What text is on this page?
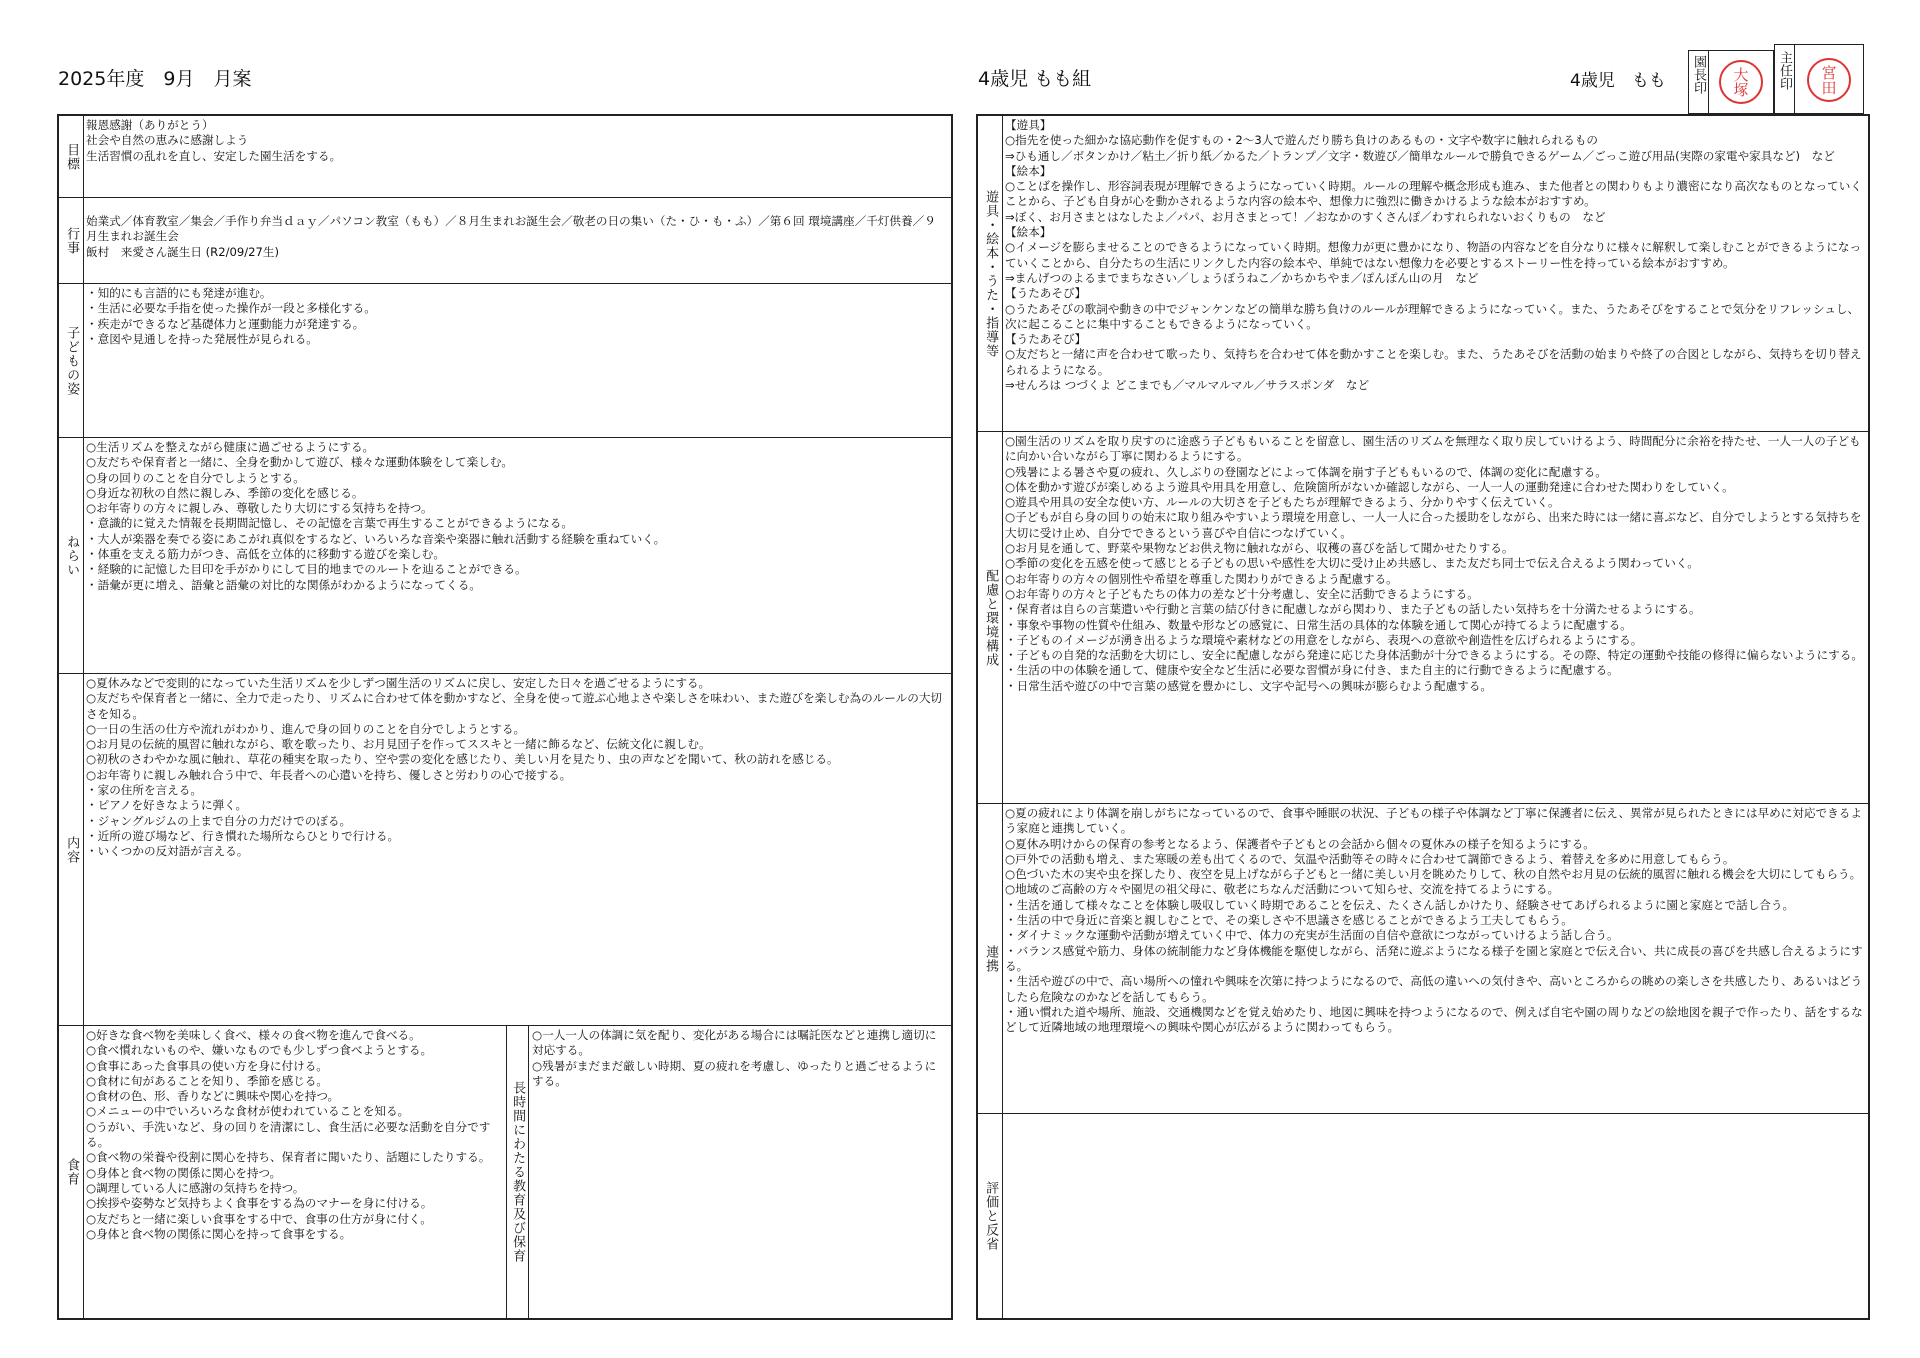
2025年度　9月　月案	4歳児 もも組	4歳児　もも 園長印	大塚	主任印	宮田
目標
報恩感謝（ありがとう）
社会や自然の恵みに感謝しよう
生活習慣の乱れを直し、安定した園生活をする。
行事
始業式／体育教室／集会／手作り弁当ｄａｙ／パソコン教室（もも）／８月生まれお誕生会／敬老の日の集い（た・ひ・も・ふ）／第６回 環境講座／千灯供養／９月生まれお誕生会
飯村　来愛さん誕生日 (R2/09/27生)
子どもの姿
・知的にも言語的にも発達が進む。
・生活に必要な手指を使った操作が一段と多様化する。
・疾走ができるなど基礎体力と運動能力が発達する。
・意図や見通しを持った発展性が見られる。
ねらい
○生活リズムを整えながら健康に過ごせるようにする。
○友だちや保育者と一緒に、全身を動かして遊び、様々な運動体験をして楽しむ。
○身の回りのことを自分でしようとする。
○身近な初秋の自然に親しみ、季節の変化を感じる。
○お年寄りの方々に親しみ、尊敬したり大切にする気持ちを持つ。
・意識的に覚えた情報を長期間記憶し、その記憶を言葉で再生することができるようになる。
・大人が楽器を奏でる姿にあこがれ真似をするなど、いろいろな音楽や楽器に触れ活動する経験を重ねていく。
・体重を支える筋力がつき、高低を立体的に移動する遊びを楽しむ。
・経験的に記憶した目印を手がかりにして目的地までのルートを辿ることができる。
・語彙が更に増え、語彙と語彙の対比的な関係がわかるようになってくる。
内容
○夏休みなどで変則的になっていた生活リズムを少しずつ園生活のリズムに戻し、安定した日々を過ごせるようにする。
○友だちや保育者と一緒に、全力で走ったり、リズムに合わせて体を動かすなど、全身を使って遊ぶ心地よさや楽しさを味わい、また遊びを楽しむ為のルールの大切さを知る。
○一日の生活の仕方や流れがわかり、進んで身の回りのことを自分でしようとする。
○お月見の伝統的風習に触れながら、歌を歌ったり、お月見団子を作ってススキと一緒に飾るなど、伝統文化に親しむ。
○初秋のさわやかな風に触れ、草花の種実を取ったり、空や雲の変化を感じたり、美しい月を見たり、虫の声などを聞いて、秋の訪れを感じる。
○お年寄りに親しみ触れ合う中で、年長者への心遣いを持ち、優しさと労わりの心で接する。
・家の住所を言える。
・ピアノを好きなように弾く。
・ジャングルジムの上まで自分の力だけでのぼる。
・近所の遊び場など、行き慣れた場所ならひとりで行ける。
・いくつかの反対語が言える。
食育
○好きな食べ物を美味しく食べ、様々の食べ物を進んで食べる。
○食べ慣れないものや、嫌いなものでも少しずつ食べようとする。
○食事にあった食事具の使い方を身に付ける。
○食材に旬があることを知り、季節を感じる。
○食材の色、形、香りなどに興味や関心を持つ。
○メニューの中でいろいろな食材が使われていることを知る。
○うがい、手洗いなど、身の回りを清潔にし、食生活に必要な活動を自分でする。
○食べ物の栄養や役割に関心を持ち、保育者に聞いたり、話題にしたりする。
○身体と食べ物の関係に関心を持つ。
○調理している人に感謝の気持ちを持つ。
○挨拶や姿勢など気持ちよく食事をする為のマナーを身に付ける。
○友だちと一緒に楽しい食事をする中で、食事の仕方が身に付く。
○身体と食べ物の関係に関心を持って食事をする。	長時間にわたる教育及び保育
○一人一人の体調に気を配り、変化がある場合には嘱託医などと連携し適切に対応する。
○残暑がまだまだ厳しい時期、夏の疲れを考慮し、ゆったりと過ごせるようにする。
遊具・絵本・うた・指導等
【遊具】
○指先を使った細かな協応動作を促すもの・2～3人で遊んだり勝ち負けのあるもの・文字や数字に触れられるもの
⇒ひも通し／ボタンかけ／粘土／折り紙／かるた／トランプ／文字・数遊び／簡単なルールで勝負できるゲーム／ごっこ遊び用品(実際の家電や家具など)　など
【絵本】
○ことばを操作し、形容詞表現が理解できるようになっていく時期。ルールの理解や概念形成も進み、また他者との関わりもより濃密になり高次なものとなっていくことから、子ども自身が心を動かされるような内容の絵本や、想像力に強烈に働きかけるような絵本がおすすめ。
⇒ぼく、お月さまとはなしたよ／パパ、お月さまとって！／おなかのすくさんぽ／わすれられないおくりもの　など
【絵本】
○イメージを膨らませることのできるようになっていく時期。想像力が更に豊かになり、物語の内容などを自分なりに様々に解釈して楽しむことができるようになっていくことから、自分たちの生活にリンクした内容の絵本や、単純ではない想像力を必要とするストーリー性を持っている絵本がおすすめ。
⇒まんげつのよるまでまちなさい／しょうぼうねこ／かちかちやま／ぽんぽん山の月　など
【うたあそび】
○うたあそびの歌詞や動きの中でジャンケンなどの簡単な勝ち負けのルールが理解できるようになっていく。また、うたあそびをすることで気分をリフレッシュし、次に起こることに集中することもできるようになっていく。
【うたあそび】
○友だちと一緒に声を合わせて歌ったり、気持ちを合わせて体を動かすことを楽しむ。また、うたあそびを活動の始まりや終了の合図としながら、気持ちを切り替えられるようになる。
⇒せんろは つづくよ どこまでも／マルマルマル／サラスポンダ　など
配慮と環境構成
○園生活のリズムを取り戻すのに途惑う子どももいることを留意し、園生活のリズムを無理なく取り戻していけるよう、時間配分に余裕を持たせ、一人一人の子どもに向かい合いながら丁寧に関わるようにする。
○残暑による暑さや夏の疲れ、久しぶりの登園などによって体調を崩す子どももいるので、体調の変化に配慮する。
○体を動かす遊びが楽しめるよう遊具や用具を用意し、危険箇所がないか確認しながら、一人一人の運動発達に合わせた関わりをしていく。
○遊具や用具の安全な使い方、ルールの大切さを子どもたちが理解できるよう、分かりやすく伝えていく。
○子どもが自ら身の回りの始末に取り組みやすいよう環境を用意し、一人一人に合った援助をしながら、出来た時には一緒に喜ぶなど、自分でしようとする気持ちを大切に受け止め、自分でできるという喜びや自信につなげていく。
○お月見を通して、野菜や果物などお供え物に触れながら、収穫の喜びを話して聞かせたりする。
○季節の変化を五感を使って感じとる子どもの思いや感性を大切に受け止め共感し、また友だち同士で伝え合えるよう関わっていく。
○お年寄りの方々の個別性や希望を尊重した関わりができるよう配慮する。
○お年寄りの方々と子どもたちの体力の差など十分考慮し、安全に活動できるようにする。
・保育者は自らの言葉遣いや行動と言葉の結び付きに配慮しながら関わり、また子どもの話したい気持ちを十分満たせるようにする。
・事象や事物の性質や仕組み、数量や形などの感覚に、日常生活の具体的な体験を通して関心が持てるように配慮する。
・子どものイメージが湧き出るような環境や素材などの用意をしながら、表現への意欲や創造性を広げられるようにする。
・子どもの自発的な活動を大切にし、安全に配慮しながら発達に応じた身体活動が十分できるようにする。その際、特定の運動や技能の修得に偏らないようにする。
・生活の中の体験を通して、健康や安全など生活に必要な習慣が身に付き、また自主的に行動できるように配慮する。
・日常生活や遊びの中で言葉の感覚を豊かにし、文字や記号への興味が膨らむよう配慮する。
連携
○夏の疲れにより体調を崩しがちになっているので、食事や睡眠の状況、子どもの様子や体調など丁寧に保護者に伝え、異常が見られたときには早めに対応できるよう家庭と連携していく。
○夏休み明けからの保育の参考となるよう、保護者や子どもとの会話から個々の夏休みの様子を知るようにする。
○戸外での活動も増え、また寒暖の差も出てくるので、気温や活動等その時々に合わせて調節できるよう、着替えを多めに用意してもらう。
○色づいた木の実や虫を探したり、夜空を見上げながら子どもと一緒に美しい月を眺めたりして、秋の自然やお月見の伝統的風習に触れる機会を大切にしてもらう。
○地域のご高齢の方々や園児の祖父母に、敬老にちなんだ活動について知らせ、交流を持てるようにする。
・生活を通して様々なことを体験し吸収していく時期であることを伝え、たくさん話しかけたり、経験させてあげられるように園と家庭とで話し合う。
・生活の中で身近に音楽と親しむことで、その楽しさや不思議さを感じることができるよう工夫してもらう。
・ダイナミックな運動や活動が増えていく中で、体力の充実が生活面の自信や意欲につながっていけるよう話し合う。
・バランス感覚や筋力、身体の統制能力など身体機能を駆使しながら、活発に遊ぶようになる様子を園と家庭とで伝え合い、共に成長の喜びを共感し合えるようにする。
・生活や遊びの中で、高い場所への憧れや興味を次第に持つようになるので、高低の違いへの気付きや、高いところからの眺めの楽しさを共感したり、あるいはどうしたら危険なのかなどを話してもらう。
・通い慣れた道や場所、施設、交通機関などを覚え始めたり、地図に興味を持つようになるので、例えば自宅や園の周りなどの絵地図を親子で作ったり、話をするなどして近隣地域の地理環境への興味や関心が広がるように関わってもらう。
評価と反省
